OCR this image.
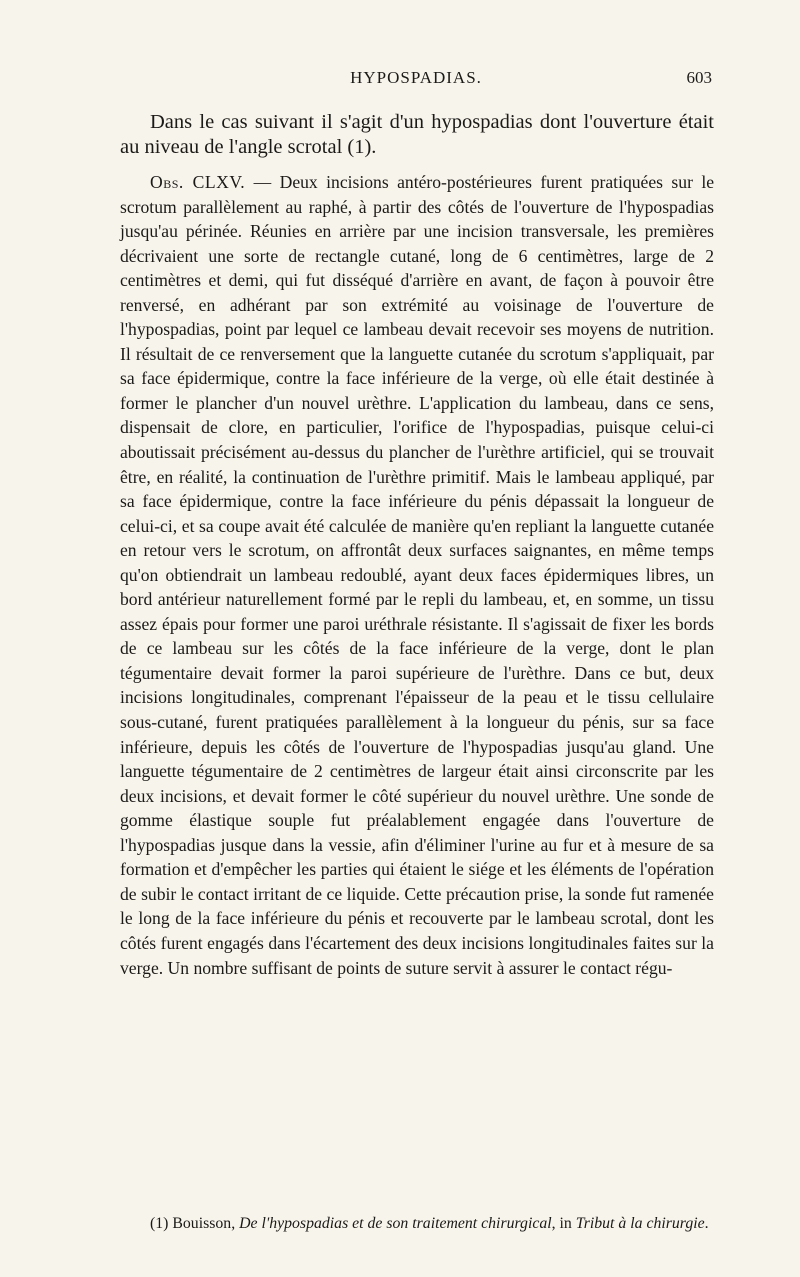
HYPOSPADIAS.	603

Dans le cas suivant il s'agit d'un hypospadias dont l'ouverture était au niveau de l'angle scrotal (1).

Obs. CLXV. — Deux incisions antéro-postérieures furent pratiquées sur le scrotum parallèlement au raphé, à partir des côtés de l'ouverture de l'hypospadias jusqu'au périnée. Réunies en arrière par une incision transversale, les premières décrivaient une sorte de rectangle cutané, long de 6 centimètres, large de 2 centimètres et demi, qui fut disséqué d'arrière en avant, de façon à pouvoir être renversé, en adhérant par son extrémité au voisinage de l'ouverture de l'hypospadias, point par lequel ce lambeau devait recevoir ses moyens de nutrition. Il résultait de ce renversement que la languette cutanée du scrotum s'appliquait, par sa face épidermique, contre la face inférieure de la verge, où elle était destinée à former le plancher d'un nouvel urèthre. L'application du lambeau, dans ce sens, dispensait de clore, en particulier, l'orifice de l'hypospadias, puisque celui-ci aboutissait précisément au-dessus du plancher de l'urèthre artificiel, qui se trouvait être, en réalité, la continuation de l'urèthre primitif. Mais le lambeau appliqué, par sa face épidermique, contre la face inférieure du pénis dépassait la longueur de celui-ci, et sa coupe avait été calculée de manière qu'en repliant la languette cutanée en retour vers le scrotum, on affrontât deux surfaces saignantes, en même temps qu'on obtiendrait un lambeau redoublé, ayant deux faces épidermiques libres, un bord antérieur naturellement formé par le repli du lambeau, et, en somme, un tissu assez épais pour former une paroi uréthrale résistante. Il s'agissait de fixer les bords de ce lambeau sur les côtés de la face inférieure de la verge, dont le plan tégumentaire devait former la paroi supérieure de l'urèthre. Dans ce but, deux incisions longitudinales, comprenant l'épaisseur de la peau et le tissu cellulaire sous-cutané, furent pratiquées parallèlement à la longueur du pénis, sur sa face inférieure, depuis les côtés de l'ouverture de l'hypospadias jusqu'au gland. Une languette tégumentaire de 2 centimètres de largeur était ainsi circonscrite par les deux incisions, et devait former le côté supérieur du nouvel urèthre. Une sonde de gomme élastique souple fut préalablement engagée dans l'ouverture de l'hypospadias jusque dans la vessie, afin d'éliminer l'urine au fur et à mesure de sa formation et d'empêcher les parties qui étaient le siége et les éléments de l'opération de subir le contact irritant de ce liquide. Cette précaution prise, la sonde fut ramenée le long de la face inférieure du pénis et recouverte par le lambeau scrotal, dont les côtés furent engagés dans l'écartement des deux incisions longitudinales faites sur la verge. Un nombre suffisant de points de suture servit à assurer le contact régu-

(1) Bouisson, De l'hypospadias et de son traitement chirurgical, in Tribut à la chirurgie.
